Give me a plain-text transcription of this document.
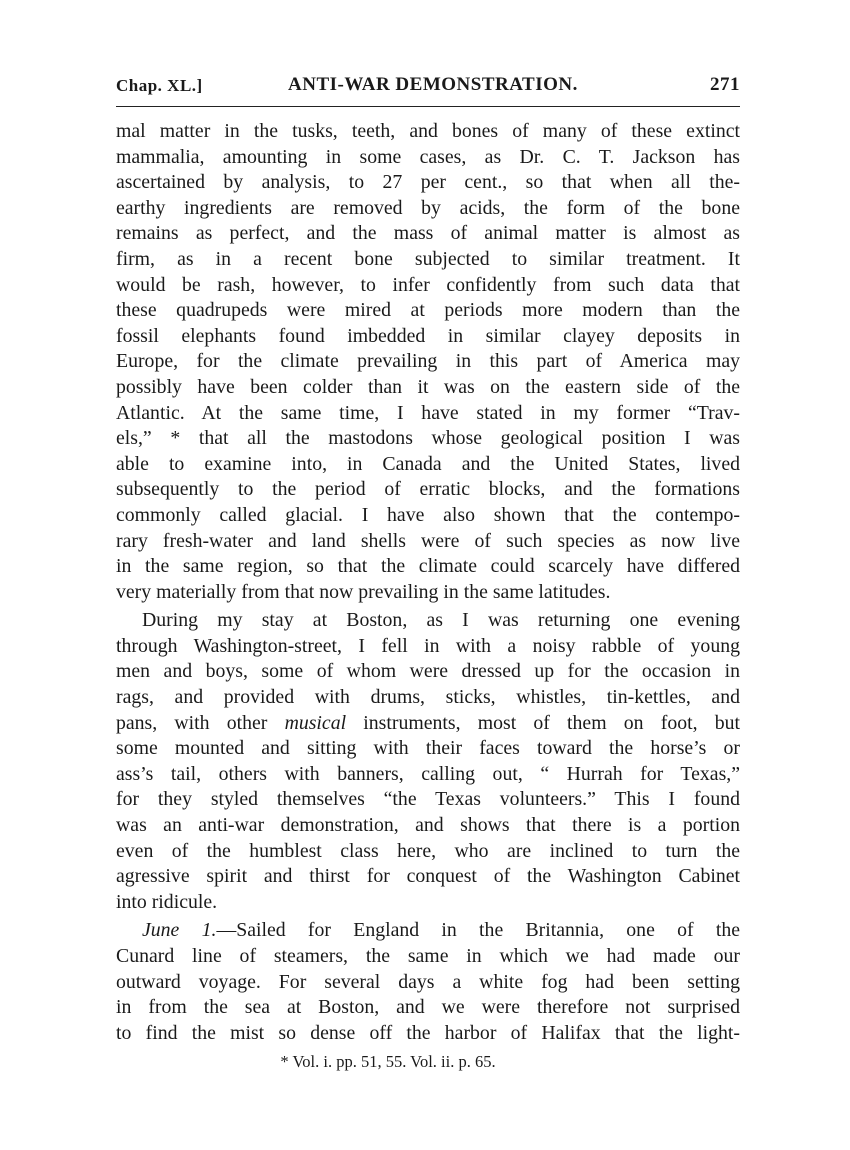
Chap. XL.]	ANTI-WAR DEMONSTRATION.	271

mal matter in the tusks, teeth, and bones of many of these extinct
mammalia, amounting in some cases, as Dr. C. T. Jackson has
ascertained by analysis, to 27 per cent., so that when all the-
earthy ingredients are removed by acids, the form of the bone
remains as perfect, and the mass of animal matter is almost as
firm, as in a recent bone subjected to similar treatment. It
would be rash, however, to infer confidently from such data that
these quadrupeds were mired at periods more modern than the
fossil elephants found imbedded in similar clayey deposits in
Europe, for the climate prevailing in this part of America may
possibly have been colder than it was on the eastern side of the
Atlantic. At the same time, I have stated in my former “Trav-
els,” * that all the mastodons whose geological position I was
able to examine into, in Canada and the United States, lived
subsequently to the period of erratic blocks, and the formations
commonly called glacial. I have also shown that the contempo-
rary fresh-water and land shells were of such species as now live
in the same region, so that the climate could scarcely have differed
very materially from that now prevailing in the same latitudes.

During my stay at Boston, as I was returning one evening
through Washington-street, I fell in with a noisy rabble of young
men and boys, some of whom were dressed up for the occasion in
rags, and provided with drums, sticks, whistles, tin-kettles, and
pans, with other musical instruments, most of them on foot, but
some mounted and sitting with their faces toward the horse’s or
ass’s tail, others with banners, calling out, “ Hurrah for Texas,”
for they styled themselves “the Texas volunteers.” This I found
was an anti-war demonstration, and shows that there is a portion
even of the humblest class here, who are inclined to turn the
agressive spirit and thirst for conquest of the Washington Cabinet
into ridicule.

June 1.—Sailed for England in the Britannia, one of the
Cunard line of steamers, the same in which we had made our
outward voyage. For several days a white fog had been setting
in from the sea at Boston, and we were therefore not surprised
to find the mist so dense off the harbor of Halifax that the light-

* Vol. i. pp. 51, 55. Vol. ii. p. 65.
